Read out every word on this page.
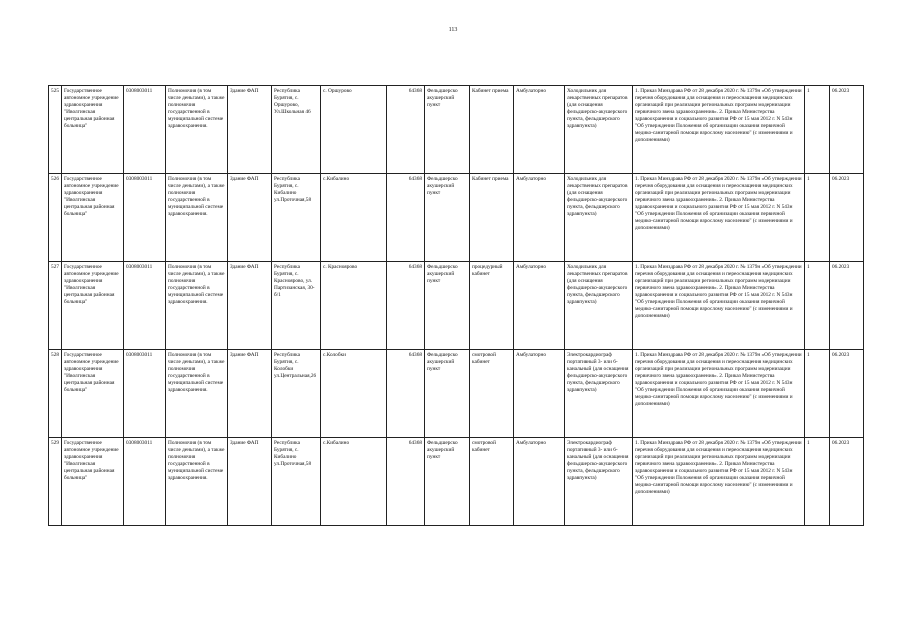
113
525	Государственное автономное учреждение здравоохранения "Иволгинская центральная районная больница"	0308003011	Полномочия (в том числе деньгами), а также полномочия государственной в муниципальной системе здравоохранения.	Здание ФАП	Республика Бурятия, с. Оршурово, Ул.Школьная 46	с. Оршурово	64368	Фельдшерско акушерский пункт	Кабинет приема	Амбулаторно	Холодильник для лекарственных препаратов (для оснащения фельдшерско-акушерского пункта, фельдшерского здравпункта)	1. Приказ Минздрава РФ от 28 декабря 2020 г. № 1379н «Об утверждении перечня оборудования для оснащения и переоснащения медицинских организаций при реализации региональных программ модернизации первичного звена здравоохранения». 2. Приказ Министерства здравоохранения и социального развития РФ от 15 мая 2012 г. N 543н "Об утверждении Положения об организации оказания первичной медико-санитарной помощи взрослому населению" (с изменениями и дополнениями)	1	06.2023
526	Государственное автономное учреждение здравоохранения "Иволгинская центральная районная больница"	0308003011	Полномочия (в том числе деньгами), а также полномочия государственной в муниципальной системе здравоохранения.	Здание ФАП	Республика Бурятия, с. Кибалино ул.Проточная,58	с.Кибалино	64368	Фельдшерско акушерский пункт	Кабинет приема	Амбулаторно	Холодильник для лекарственных препаратов (для оснащения фельдшерско-акушерского пункта, фельдшерского здравпункта)	1. Приказ Минздрава РФ от 28 декабря 2020 г. № 1379н «Об утверждении перечня оборудования для оснащения и переоснащения медицинских организаций при реализации региональных программ модернизации первичного звена здравоохранения». 2. Приказ Министерства здравоохранения и социального развития РФ от 15 мая 2012 г. N 543н "Об утверждении Положения об организации оказания первичной медико-санитарной помощи взрослому населению" (с изменениями и дополнениями)	1	06.2023
527	Государственное автономное учреждение здравоохранения "Иволгинская центральная районная больница"	0308003011	Полномочия (в том числе деньгами), а также полномочия государственной в муниципальной системе здравоохранения.	Здание ФАП	Республика Бурятия, с. Красноярово, ул. Партизанская, 30-б/1	с. Красноярово	64368	Фельдшерско акушерский пункт	процедурный кабинет	Амбулаторно	Холодильник для лекарственных препаратов (для оснащения фельдшерско-акушерского пункта, фельдшерского здравпункта)	1. Приказ Минздрава РФ от 28 декабря 2020 г. № 1379н «Об утверждении перечня оборудования для оснащения и переоснащения медицинских организаций при реализации региональных программ модернизации первичного звена здравоохранения». 2. Приказ Министерства здравоохранения и социального развития РФ от 15 мая 2012 г. N 543н "Об утверждении Положения об организации оказания первичной медико-санитарной помощи взрослому населению" (с изменениями и дополнениями)	1	06.2023
528	Государственное автономное учреждение здравоохранения "Иволгинская центральная районная больница"	0308003011	Полномочия (в том числе деньгами), а также полномочия государственной в муниципальной системе здравоохранения.	Здание ФАП	Республика Бурятия, с. Колобки ул.Центральная,26	с.Колобки	64368	Фельдшерско акушерский пункт	смотровой кабинет	Амбулаторно	Электрокардиограф портативный 3- или 6-канальный (для оснащения фельдшерско-акушерского пункта, фельдшерского здравпункта)	1. Приказ Минздрава РФ от 28 декабря 2020 г. № 1379н «Об утверждении перечня оборудования для оснащения и переоснащения медицинских организаций при реализации региональных программ модернизации первичного звена здравоохранения». 2. Приказ Министерства здравоохранения и социального развития РФ от 15 мая 2012 г. N 543н "Об утверждении Положения об организации оказания первичной медико-санитарной помощи взрослому населению" (с изменениями и дополнениями)	1	06.2023
529	Государственное автономное учреждение здравоохранения "Иволгинская центральная районная больница"	0308003011	Полномочия (в том числе деньгами), а также полномочия государственной в муниципальной системе здравоохранения.	Здание ФАП	Республика Бурятия, с. Кибалино ул.Проточная,58	с.Кибалино	64368	Фельдшерско акушерский пункт	смотровой кабинет	Амбулаторно	Электрокардиограф портативный 3- или 6-канальный (для оснащения фельдшерско-акушерского пункта, фельдшерского здравпункта)	1. Приказ Минздрава РФ от 28 декабря 2020 г. № 1379н «Об утверждении перечня оборудования для оснащения и переоснащения медицинских организаций при реализации региональных программ модернизации первичного звена здравоохранения». 2. Приказ Министерства здравоохранения и социального развития РФ от 15 мая 2012 г. N 543н "Об утверждении Положения об организации оказания первичной медико-санитарной помощи взрослому населению" (с изменениями и дополнениями)	1	06.2023
